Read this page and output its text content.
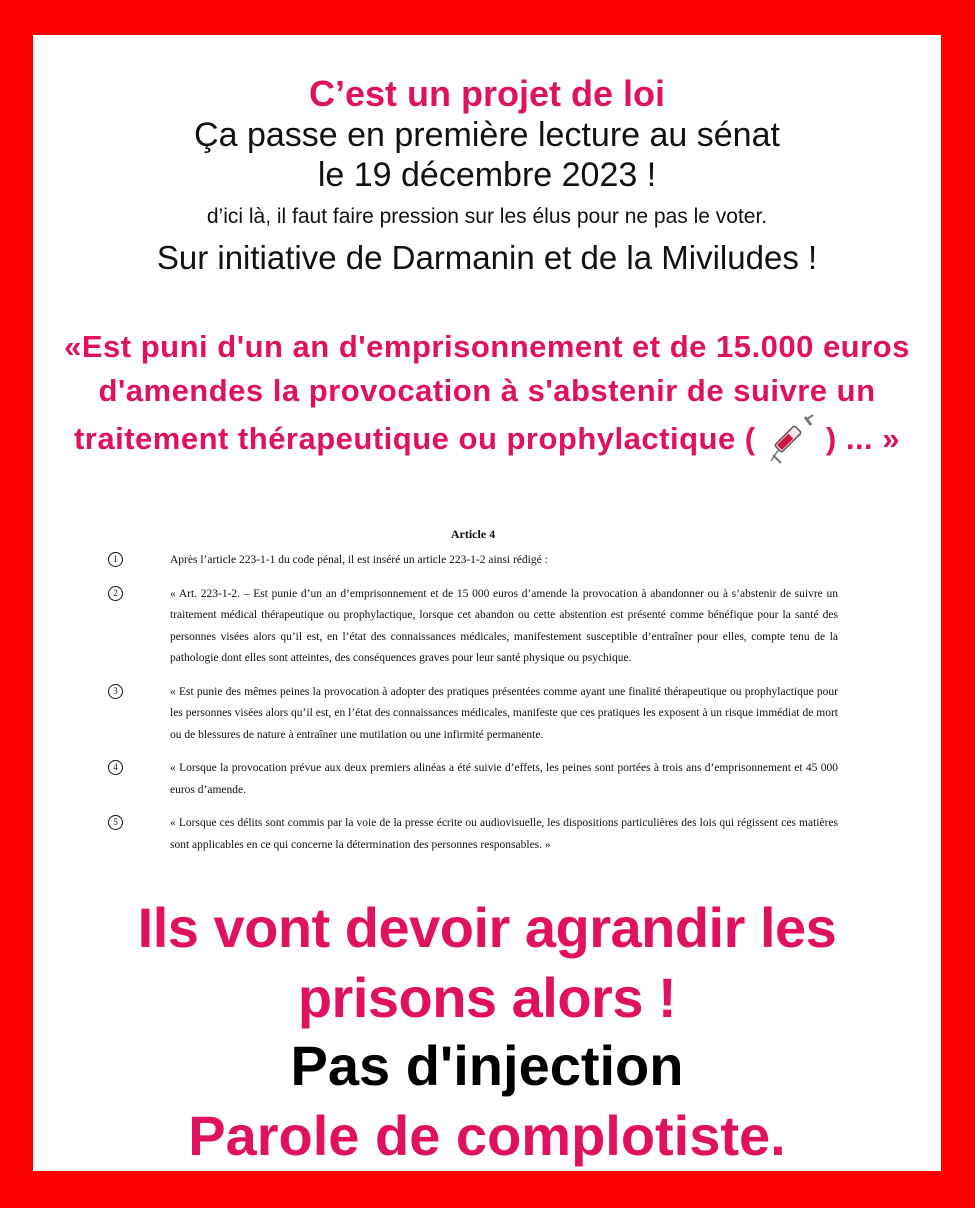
C’est un projet de loi
Ça passe en première lecture au sénat
le 19 décembre 2023 !
d’ici là, il faut faire pression sur les élus pour ne pas le voter.
Sur initiative de Darmanin et de la Miviludes !
«Est puni d'un an d'emprisonnement et de 15.000 euros d'amendes la provocation à s'abstenir de suivre un traitement thérapeutique ou prophylactique ( ) ... »
Article 4
1	Après l’article 223-1-1 du code pénal, il est inséré un article 223-1-2 ainsi rédigé :
2	« Art. 223-1-2. – Est punie d’un an d’emprisonnement et de 15 000 euros d’amende la provocation à abandonner ou à s’abstenir de suivre un traitement médical thérapeutique ou prophylactique, lorsque cet abandon ou cette abstention est présenté comme bénéfique pour la santé des personnes visées alors qu’il est, en l’état des connaissances médicales, manifestement susceptible d’entraîner pour elles, compte tenu de la pathologie dont elles sont atteintes, des conséquences graves pour leur santé physique ou psychique.
3	« Est punie des mêmes peines la provocation à adopter des pratiques présentées comme ayant une finalité thérapeutique ou prophylactique pour les personnes visées alors qu’il est, en l’état des connaissances médicales, manifeste que ces pratiques les exposent à un risque immédiat de mort ou de blessures de nature à entraîner une mutilation ou une infirmité permanente.
4	« Lorsque la provocation prévue aux deux premiers alinéas a été suivie d’effets, les peines sont portées à trois ans d’emprisonnement et 45 000 euros d’amende.
5	« Lorsque ces délits sont commis par la voie de la presse écrite ou audiovisuelle, les dispositions particulières des lois qui régissent ces matières sont applicables en ce qui concerne la détermination des personnes responsables. »
Ils vont devoir agrandir les prisons alors !
Pas d'injection
Parole de complotiste.
